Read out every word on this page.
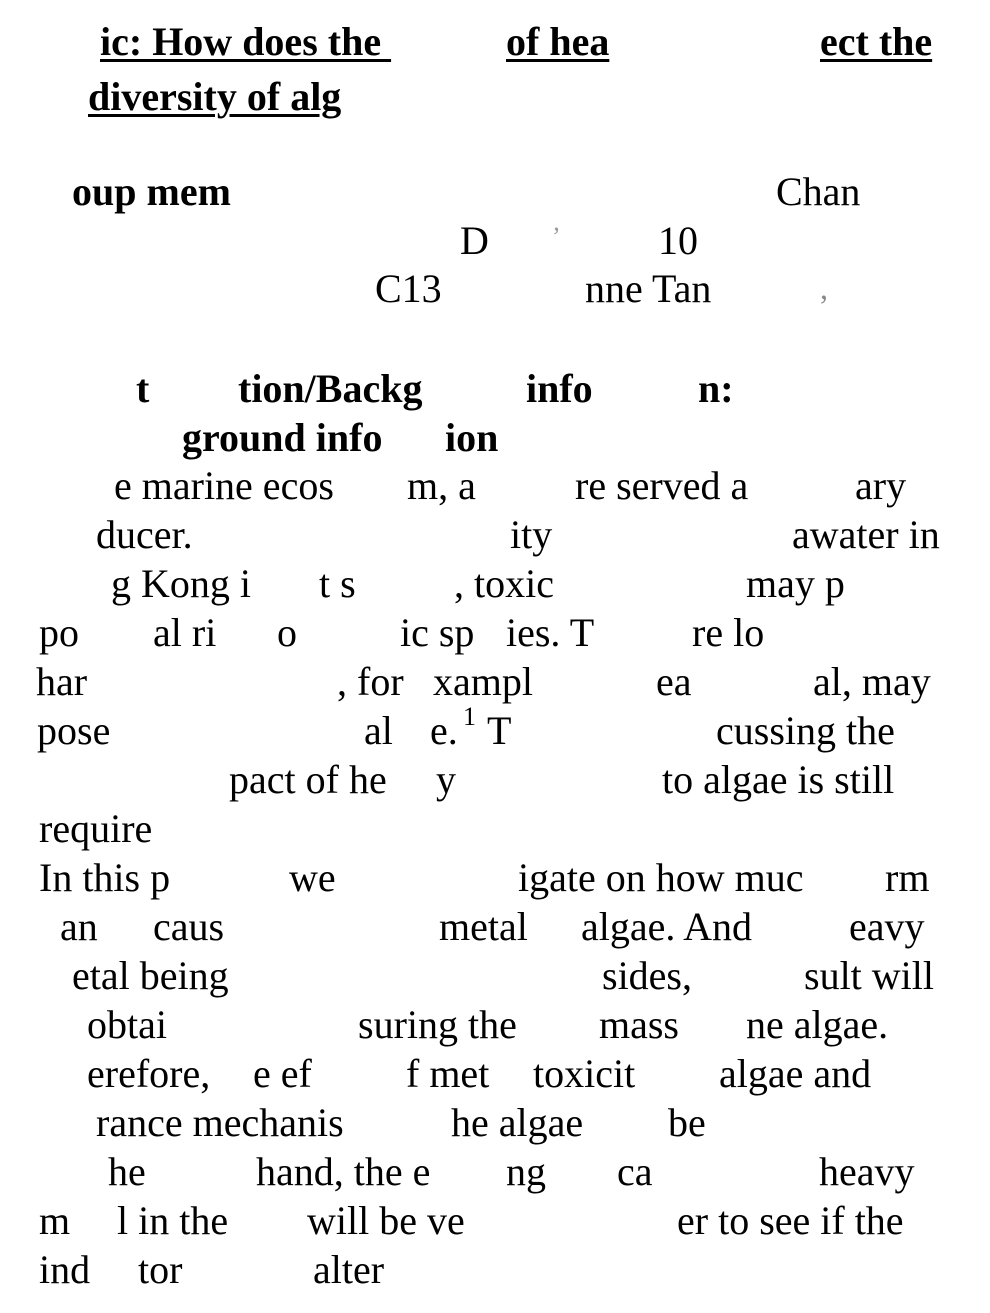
ic: How does the	of hea	ect the
diversity of alg
oup mem	Chan
D ’ 10
C13	nne Tan	,
t tion/Backg	info	n:
ground info ion
e marine ecos m, a re served a	ary
ducer.	ity	awater in
g Kong i t s , toxic	may p
po al ri o	ic sp ies. T re lo
har	, for xampl	ea	al, may
pose	al e. 1 T	cussing the
pact of he y	to algae is still
require
In this p	we	igate on how muc rm
an caus	metal algae. And eavy
etal being	sides,	sult will
obtai	suring the mass ne algae.
erefore, e ef f met toxicit algae and
rance mechanis	he algae be
he	hand, the e ng ca	heavy
m l in the will be ve	er to see if the
ind tor	alter
